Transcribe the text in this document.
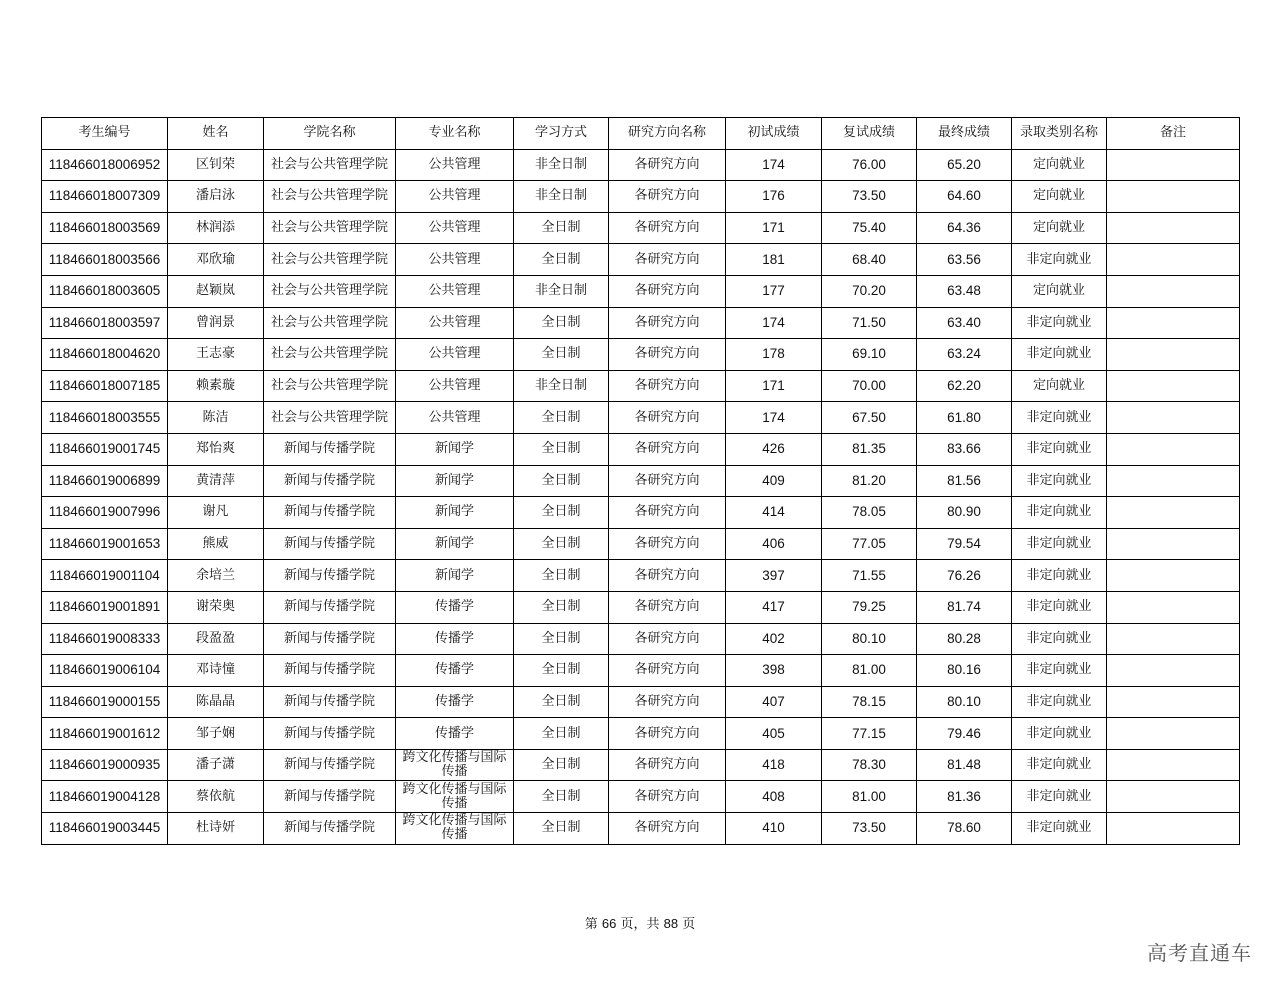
考生编号	姓名	学院名称	专业名称	学习方式	研究方向名称	初试成绩	复试成绩	最终成绩	录取类别名称	备注
118466018006952	区钊荣	社会与公共管理学院	公共管理	非全日制	各研究方向	174	76.00	65.20	定向就业	
118466018007309	潘启泳	社会与公共管理学院	公共管理	非全日制	各研究方向	176	73.50	64.60	定向就业	
118466018003569	林润添	社会与公共管理学院	公共管理	全日制	各研究方向	171	75.40	64.36	定向就业	
118466018003566	邓欣瑜	社会与公共管理学院	公共管理	全日制	各研究方向	181	68.40	63.56	非定向就业	
118466018003605	赵颖岚	社会与公共管理学院	公共管理	非全日制	各研究方向	177	70.20	63.48	定向就业	
118466018003597	曾润景	社会与公共管理学院	公共管理	全日制	各研究方向	174	71.50	63.40	非定向就业	
118466018004620	王志豪	社会与公共管理学院	公共管理	全日制	各研究方向	178	69.10	63.24	非定向就业	
118466018007185	赖素璇	社会与公共管理学院	公共管理	非全日制	各研究方向	171	70.00	62.20	定向就业	
118466018003555	陈洁	社会与公共管理学院	公共管理	全日制	各研究方向	174	67.50	61.80	非定向就业	
118466019001745	郑怡爽	新闻与传播学院	新闻学	全日制	各研究方向	426	81.35	83.66	非定向就业	
118466019006899	黄清萍	新闻与传播学院	新闻学	全日制	各研究方向	409	81.20	81.56	非定向就业	
118466019007996	谢凡	新闻与传播学院	新闻学	全日制	各研究方向	414	78.05	80.90	非定向就业	
118466019001653	熊威	新闻与传播学院	新闻学	全日制	各研究方向	406	77.05	79.54	非定向就业	
118466019001104	余培兰	新闻与传播学院	新闻学	全日制	各研究方向	397	71.55	76.26	非定向就业	
118466019001891	谢荣奥	新闻与传播学院	传播学	全日制	各研究方向	417	79.25	81.74	非定向就业	
118466019008333	段盈盈	新闻与传播学院	传播学	全日制	各研究方向	402	80.10	80.28	非定向就业	
118466019006104	邓诗憧	新闻与传播学院	传播学	全日制	各研究方向	398	81.00	80.16	非定向就业	
118466019000155	陈晶晶	新闻与传播学院	传播学	全日制	各研究方向	407	78.15	80.10	非定向就业	
118466019001612	邹子娴	新闻与传播学院	传播学	全日制	各研究方向	405	77.15	79.46	非定向就业	
118466019000935	潘子潇	新闻与传播学院	跨文化传播与国际传播	全日制	各研究方向	418	78.30	81.48	非定向就业	
118466019004128	蔡依航	新闻与传播学院	跨文化传播与国际传播	全日制	各研究方向	408	81.00	81.36	非定向就业	
118466019003445	杜诗妍	新闻与传播学院	跨文化传播与国际传播	全日制	各研究方向	410	73.50	78.60	非定向就业	
第 66 页，共 88 页
高考直通车
